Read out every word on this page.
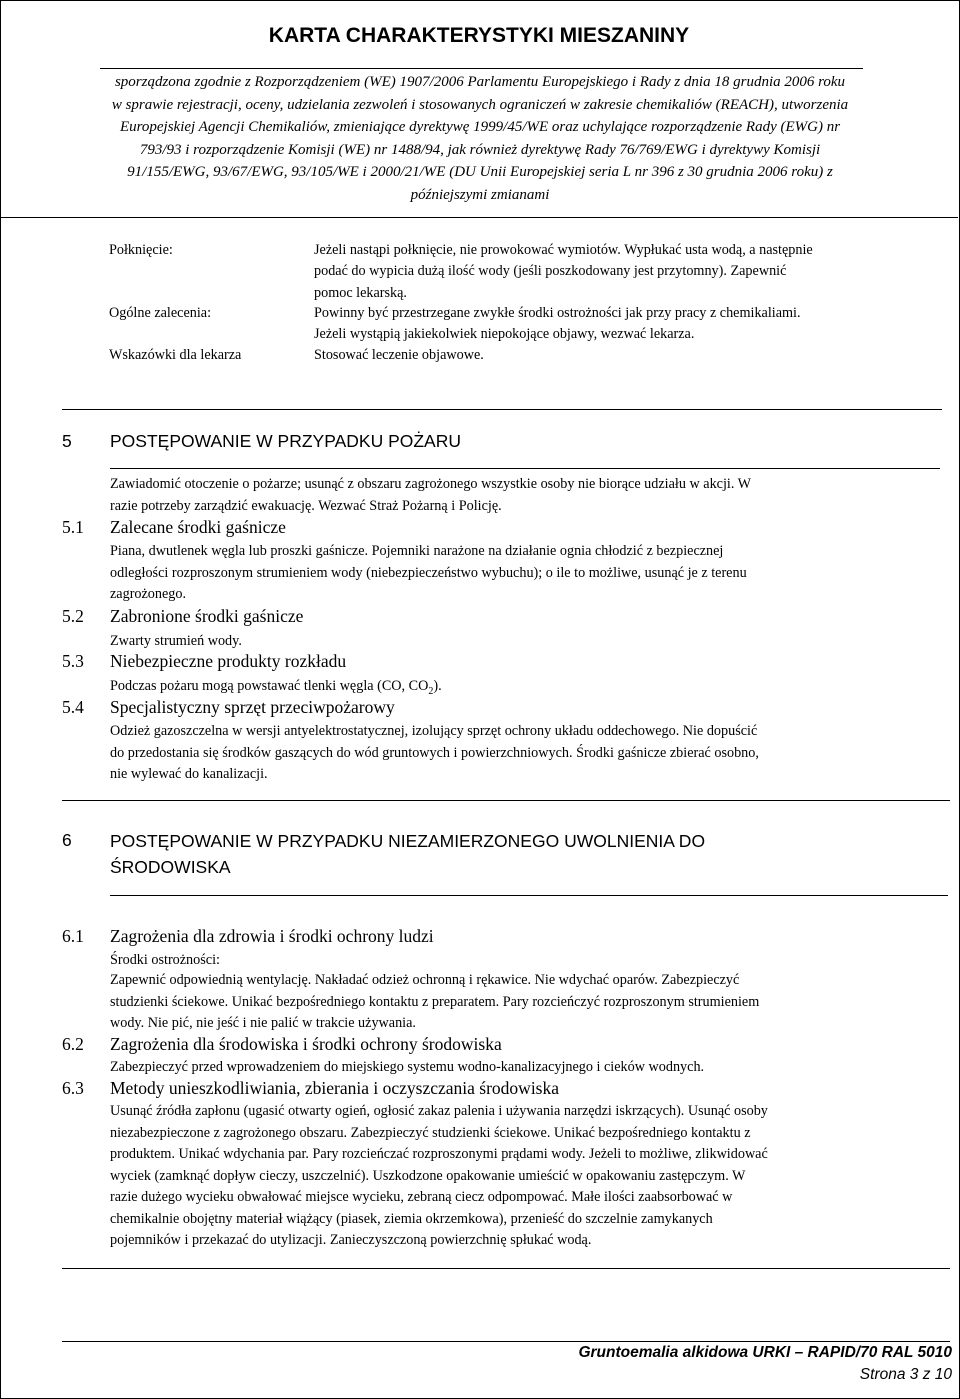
KARTA CHARAKTERYSTYKI MIESZANINY
sporządzona zgodnie z Rozporządzeniem (WE) 1907/2006 Parlamentu Europejskiego i Rady z dnia 18 grudnia 2006 roku
w sprawie rejestracji, oceny, udzielania zezwoleń i stosowanych ograniczeń w zakresie chemikaliów (REACH), utworzenia
Europejskiej Agencji Chemikaliów, zmieniające dyrektywę 1999/45/WE oraz uchylające rozporządzenie Rady (EWG) nr
793/93 i rozporządzenie Komisji (WE) nr 1488/94, jak również dyrektywę Rady 76/769/EWG i dyrektywy Komisji
91/155/EWG, 93/67/EWG, 93/105/WE i 2000/21/WE (DU Unii Europejskiej seria L nr 396 z 30 grudnia 2006 roku) z
późniejszymi zmianami
Połknięcie:	Jeżeli nastąpi połknięcie, nie prowokować wymiotów. Wypłukać usta wodą, a następnie
podać do wypicia dużą ilość wody (jeśli poszkodowany jest przytomny). Zapewnić
pomoc lekarską.
Ogólne zalecenia:	Powinny być przestrzegane zwykłe środki ostrożności jak przy pracy z chemikaliami.
Jeżeli wystąpią jakiekolwiek niepokojące objawy, wezwać lekarza.
Wskazówki dla lekarza	Stosować leczenie objawowe.
5 POSTĘPOWANIE W PRZYPADKU POŻARU
Zawiadomić otoczenie o pożarze; usunąć z obszaru zagrożonego wszystkie osoby nie biorące udziału w akcji. W
razie potrzeby zarządzić ewakuację. Wezwać Straż Pożarną i Policję.
5.1 Zalecane środki gaśnicze
Piana, dwutlenek węgla lub proszki gaśnicze. Pojemniki narażone na działanie ognia chłodzić z bezpiecznej
odległości rozproszonym strumieniem wody (niebezpieczeństwo wybuchu); o ile to możliwe, usunąć je z terenu
zagrożonego.
5.2 Zabronione środki gaśnicze
Zwarty strumień wody.
5.3 Niebezpieczne produkty rozkładu
Podczas pożaru mogą powstawać tlenki węgla (CO, $CO_2$).
5.4 Specjalistyczny sprzęt przeciwpożarowy
Odzież gazoszczelna w wersji antyelektrostatycznej, izolujący sprzęt ochrony układu oddechowego. Nie dopuścić
do przedostania się środków gaszących do wód gruntowych i powierzchniowych. Środki gaśnicze zbierać osobno,
nie wylewać do kanalizacji.
6 POSTĘPOWANIE W PRZYPADKU NIEZAMIERZONEGO UWOLNIENIA DO
ŚRODOWISKA
6.1 Zagrożenia dla zdrowia i środki ochrony ludzi
Środki ostrożności:
Zapewnić odpowiednią wentylację. Nakładać odzież ochronną i rękawice. Nie wdychać oparów. Zabezpieczyć
studzienki ściekowe. Unikać bezpośredniego kontaktu z preparatem. Pary rozcieńczyć rozproszonym strumieniem
wody. Nie pić, nie jeść i nie palić w trakcie używania.
6.2 Zagrożenia dla środowiska i środki ochrony środowiska
Zabezpieczyć przed wprowadzeniem do miejskiego systemu wodno-kanalizacyjnego i cieków wodnych.
6.3 Metody unieszkodliwiania, zbierania i oczyszczania środowiska
Usunąć źródła zapłonu (ugasić otwarty ogień, ogłosić zakaz palenia i używania narzędzi iskrzących). Usunąć osoby
niezabezpieczone z zagrożonego obszaru. Zabezpieczyć studzienki ściekowe. Unikać bezpośredniego kontaktu z
produktem. Unikać wdychania par. Pary rozcieńczać rozproszonymi prądami wody. Jeżeli to możliwe, zlikwidować
wyciek (zamknąć dopływ cieczy, uszczelnić). Uszkodzone opakowanie umieścić w opakowaniu zastępczym. W
razie dużego wycieku obwałować miejsce wycieku, zebraną ciecz odpompować. Małe ilości zaabsorbować w
chemikalnie obojętny materiał wiążący (piasek, ziemia okrzemkowa), przenieść do szczelnie zamykanych
pojemników i przekazać do utylizacji. Zanieczyszczoną powierzchnię spłukać wodą.
Gruntoemalia alkidowa URKI – RAPID/70 RAL 5010
Strona 3 z 10
